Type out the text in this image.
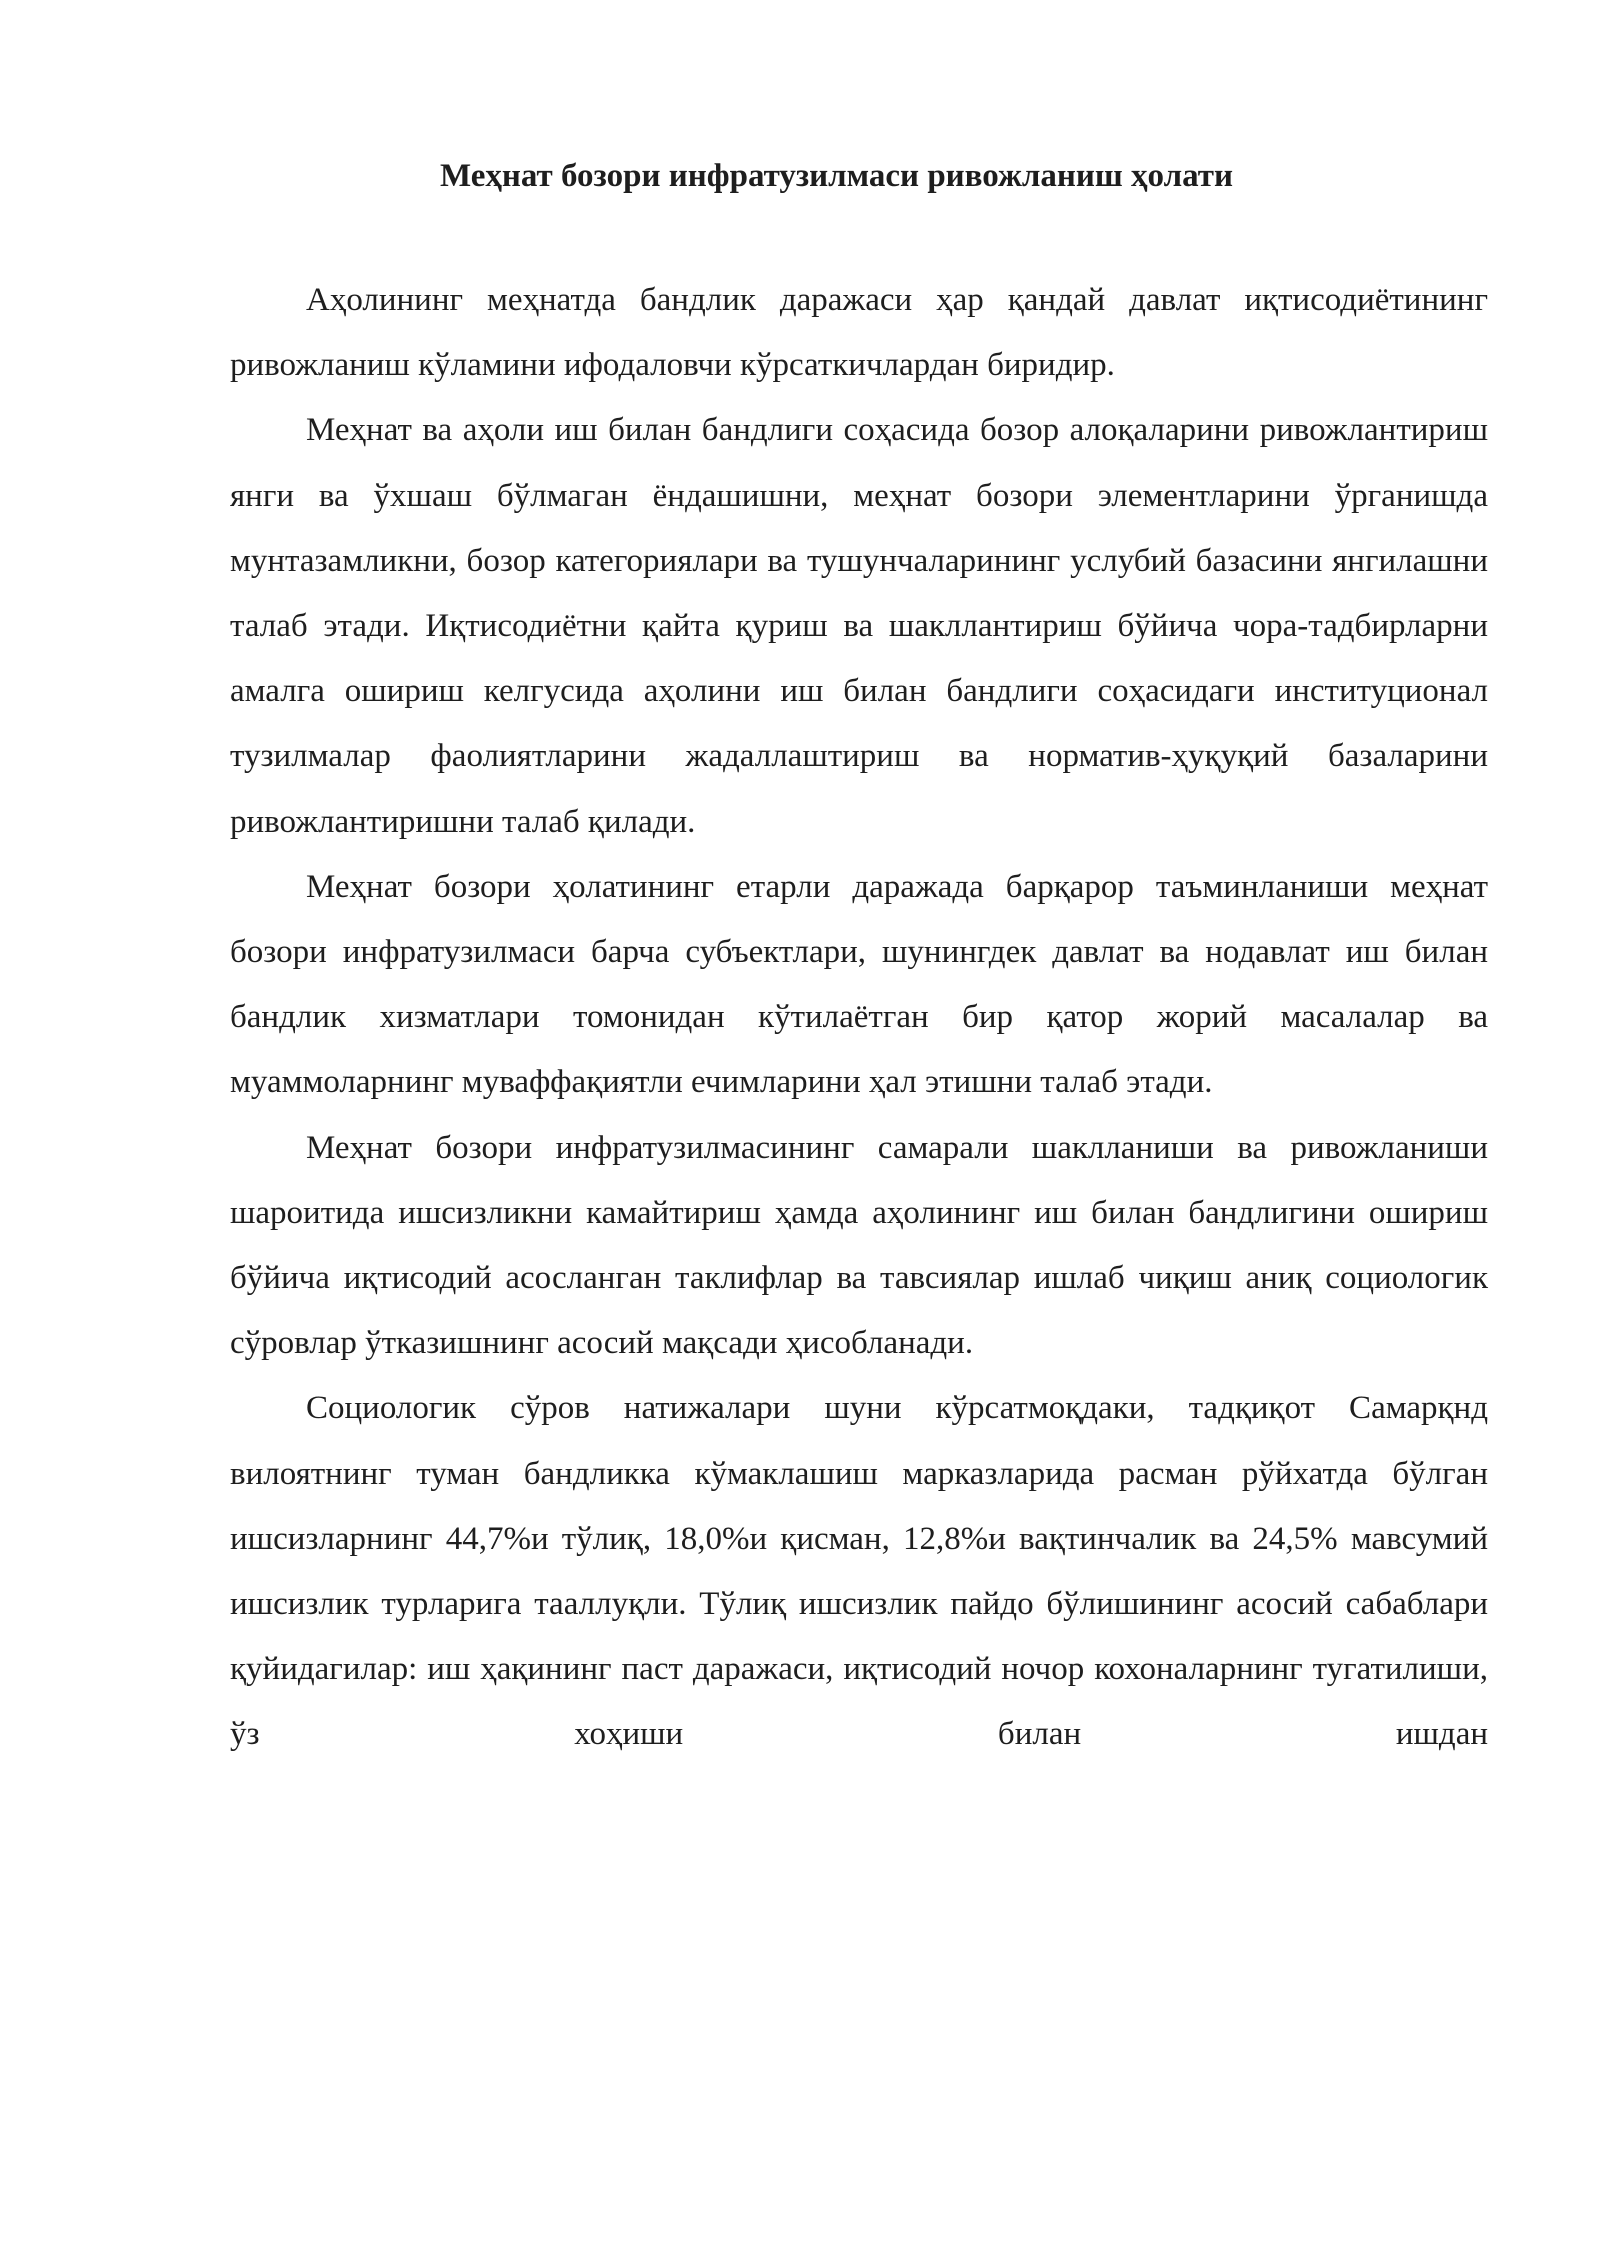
Меҳнат бозори инфратузилмаси ривожланиш ҳолати

Аҳолининг меҳнатда бандлик даражаси ҳар қандай давлат иқтисодиётининг ривожланиш кўламини ифодаловчи кўрсаткичлардан биридир.

Меҳнат ва аҳоли иш билан бандлиги соҳасида бозор алоқаларини ривожлантириш янги ва ўхшаш бўлмаган ёндашишни, меҳнат бозори элементларини ўрганишда мунтазамликни, бозор категориялари ва тушунчаларининг услубий базасини янгилашни талаб этади. Иқтисодиётни қайта қуриш ва шакллантириш бўйича чора-тадбирларни амалга ошириш келгусида аҳолини иш билан бандлиги соҳасидаги институционал тузилмалар фаолиятларини жадаллаштириш ва норматив-ҳуқуқий базаларини ривожлантиришни талаб қилади.

Меҳнат бозори ҳолатининг етарли даражада барқарор таъминланиши меҳнат бозори инфратузилмаси барча субъектлари, шунингдек давлат ва нодавлат иш билан бандлик хизматлари томонидан кўтилаётган бир қатор жорий масалалар ва муаммоларнинг муваффақиятли ечимларини ҳал этишни талаб этади.

Меҳнат бозори инфратузилмасининг самарали шаклланиши ва ривожланиши шароитида ишсизликни камайтириш ҳамда аҳолининг иш билан бандлигини ошириш бўйича иқтисодий асосланган таклифлар ва тавсиялар ишлаб чиқиш аниқ социологик сўровлар ўтказишнинг асосий мақсади ҳисобланади.

Социологик сўров натижалари шуни кўрсатмоқдаки, тадқиқот Самарқнд вилоятнинг туман бандликка кўмаклашиш марказларида расман рўйхатда бўлган ишсизларнинг 44,7%и тўлиқ, 18,0%и қисман, 12,8%и вақтинчалик ва 24,5% мавсумий ишсизлик турларига тааллуқли. Тўлиқ ишсизлик пайдо бўлишининг асосий сабаблари қуйидагилар: иш ҳақининг паст даражаси, иқтисодий ночор кохоналарнинг тугатилиши, ўз хоҳиши билан ишдан
